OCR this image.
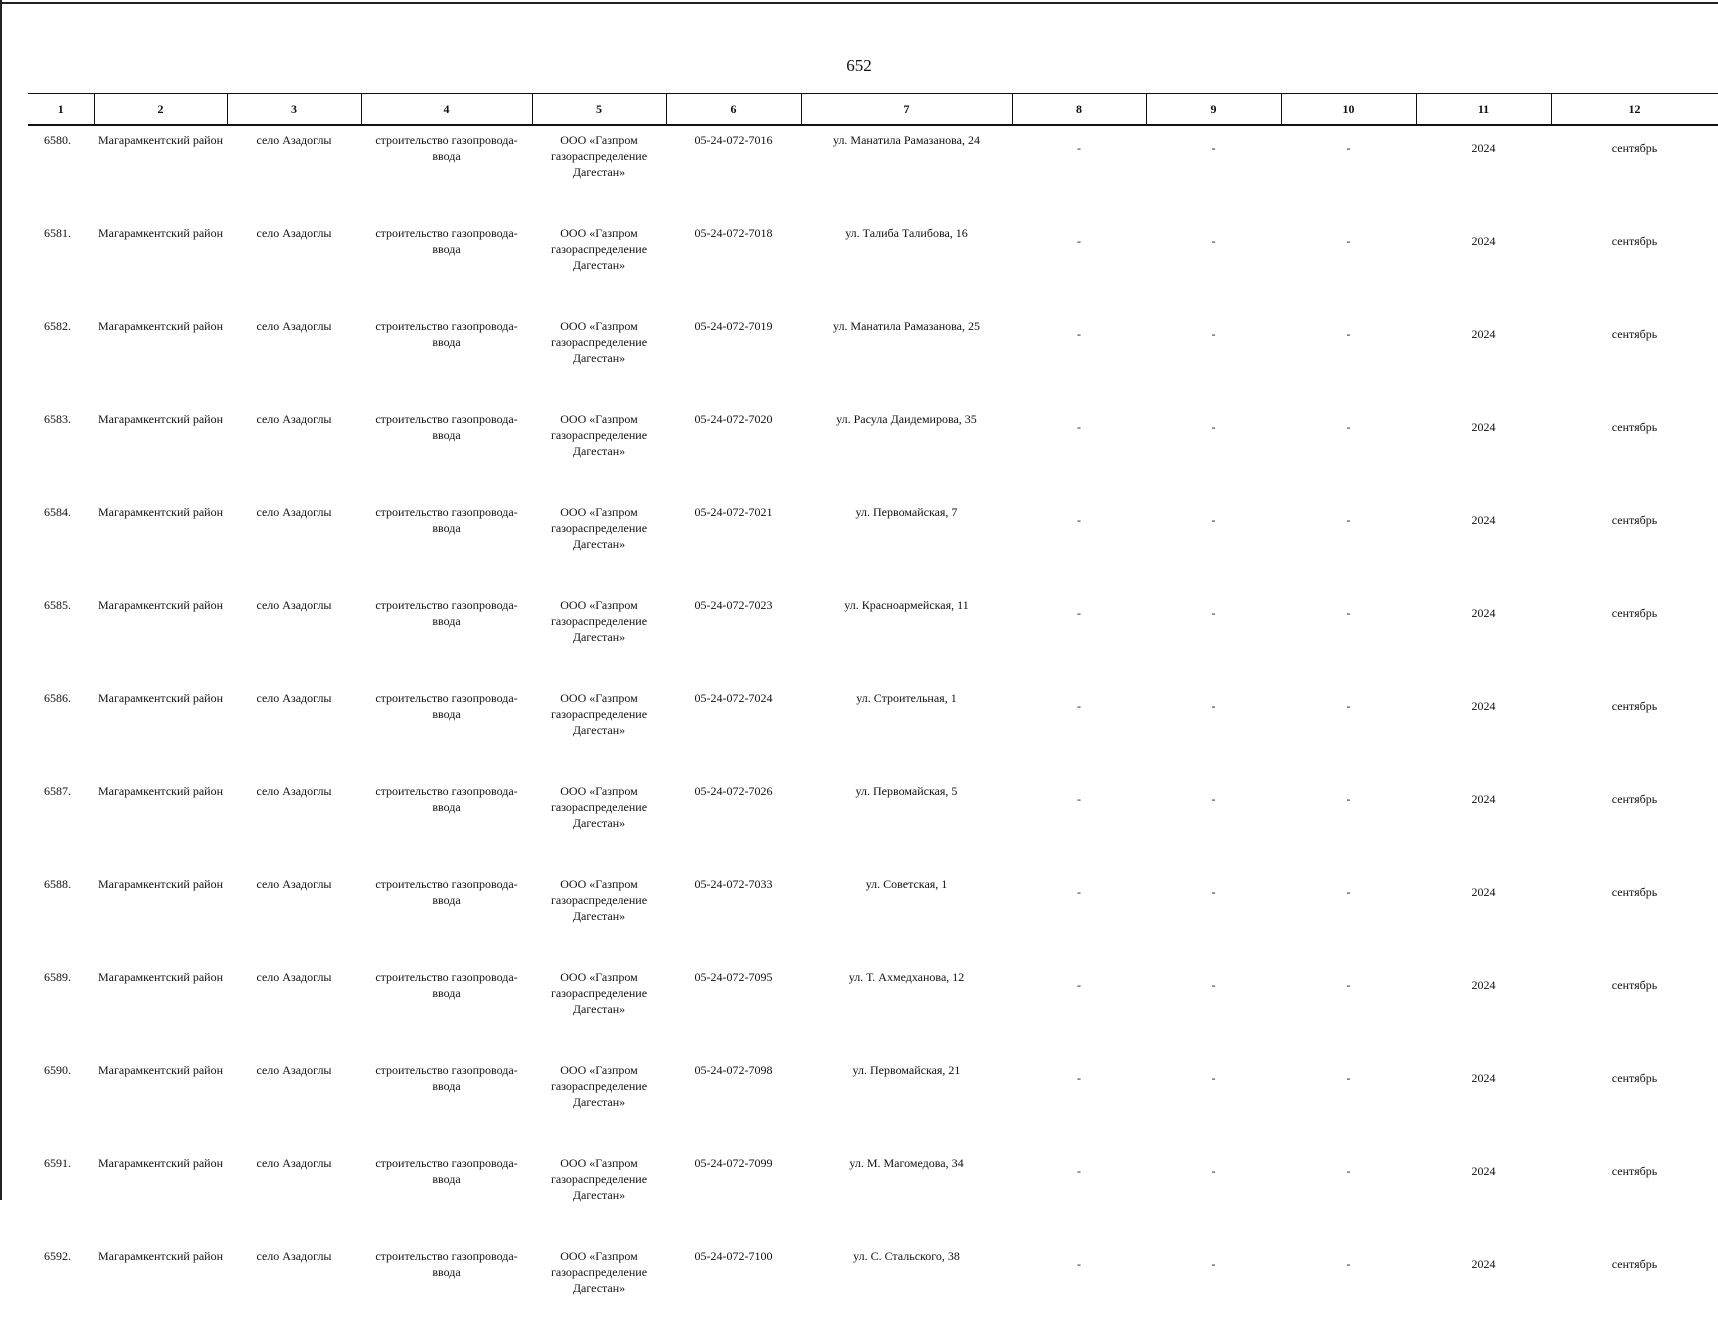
652
1	2	3	4	5	6	7	8	9	10	11	12
6580.	Магарамкентский район	село Азадоглы	строительство газопровода-ввода	ООО «Газпром газораспределение Дагестан»	05-24-072-7016	ул. Манатила Рамазанова, 24	-	-	-	2024	сентябрь
6581.	Магарамкентский район	село Азадоглы	строительство газопровода-ввода	ООО «Газпром газораспределение Дагестан»	05-24-072-7018	ул. Талиба Талибова, 16	-	-	-	2024	сентябрь
6582.	Магарамкентский район	село Азадоглы	строительство газопровода-ввода	ООО «Газпром газораспределение Дагестан»	05-24-072-7019	ул. Манатила Рамазанова, 25	-	-	-	2024	сентябрь
6583.	Магарамкентский район	село Азадоглы	строительство газопровода-ввода	ООО «Газпром газораспределение Дагестан»	05-24-072-7020	ул. Расула Даидемирова, 35	-	-	-	2024	сентябрь
6584.	Магарамкентский район	село Азадоглы	строительство газопровода-ввода	ООО «Газпром газораспределение Дагестан»	05-24-072-7021	ул. Первомайская, 7	-	-	-	2024	сентябрь
6585.	Магарамкентский район	село Азадоглы	строительство газопровода-ввода	ООО «Газпром газораспределение Дагестан»	05-24-072-7023	ул. Красноармейская, 11	-	-	-	2024	сентябрь
6586.	Магарамкентский район	село Азадоглы	строительство газопровода-ввода	ООО «Газпром газораспределение Дагестан»	05-24-072-7024	ул. Строительная, 1	-	-	-	2024	сентябрь
6587.	Магарамкентский район	село Азадоглы	строительство газопровода-ввода	ООО «Газпром газораспределение Дагестан»	05-24-072-7026	ул. Первомайская, 5	-	-	-	2024	сентябрь
6588.	Магарамкентский район	село Азадоглы	строительство газопровода-ввода	ООО «Газпром газораспределение Дагестан»	05-24-072-7033	ул. Советская, 1	-	-	-	2024	сентябрь
6589.	Магарамкентский район	село Азадоглы	строительство газопровода-ввода	ООО «Газпром газораспределение Дагестан»	05-24-072-7095	ул. Т. Ахмедханова, 12	-	-	-	2024	сентябрь
6590.	Магарамкентский район	село Азадоглы	строительство газопровода-ввода	ООО «Газпром газораспределение Дагестан»	05-24-072-7098	ул. Первомайская, 21	-	-	-	2024	сентябрь
6591.	Магарамкентский район	село Азадоглы	строительство газопровода-ввода	ООО «Газпром газораспределение Дагестан»	05-24-072-7099	ул. М. Магомедова, 34	-	-	-	2024	сентябрь
6592.	Магарамкентский район	село Азадоглы	строительство газопровода-ввода	ООО «Газпром газораспределение Дагестан»	05-24-072-7100	ул. С. Стальского, 38	-	-	-	2024	сентябрь
